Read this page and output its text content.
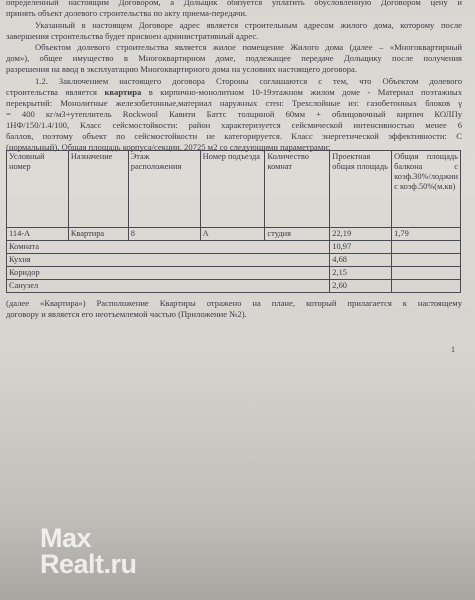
определенный настоящим Договором, а Дольщик обязуется уплатить обусловленную Договором цену и
принять объект долевого строительства по акту приема-передачи.
Указанный в настоящем Договоре адрес является строительным адресом жилого дома, которому после
завершения строительства будет присвоен административный адрес.
Объектом долевого строительства является жилое помещение Жилого дома (далее – «Многоквартирный
дом»), общее имущество в Многоквартирном доме, подлежащее передаче Дольщику после получения
разрешения на ввод в эксплуатацию Многоквартирного дома на условиях настоящего договора.
1.2. Заключением настоящего договора Стороны соглашаются с тем, что Объектом долевого
строительства является квартира в кирпично-монолитном 10-19этажном жилом доме - Материал поэтажных
перекрытий: Монолитные железобетонные,материал наружных стен: Трехслойные из: газобетонных блоков γ
= 400 кг/м3+утеплитель Rockwool Кавити Баттс толщиной 60мм + облицовочный кирпич КОЛПу
1НФ/150/1.4/100, Класс сейсмостойкости: район характеризуется сейсмической интенсивностью менее 6
баллов, поэтому объект по сейсмостойкости не категорируется. Класс энергетической эффективности: С
(нормальный). Общая площадь корпуса/секции, 20725 м2 со следующими параметрами:
Условный номер	Назначение	Этаж расположения	Номер подъезда	Количество комнат	Проектная общая площадь	Общая площадь балкона с коэф.30%/лоджии с коэф.50%(м.кв)
114-А	Квартира	8	А	студия	22,19	1,79
Комната					10,97	
Кухня					4,68	
Коридор					2,15	
Санузел					2,60	
(далее «Квартира») Расположение Квартиры отражено на плане, который прилагается к настоящему
договору и является его неотъемлемой частью (Приложение №2).
1
Max
Realt.ru
